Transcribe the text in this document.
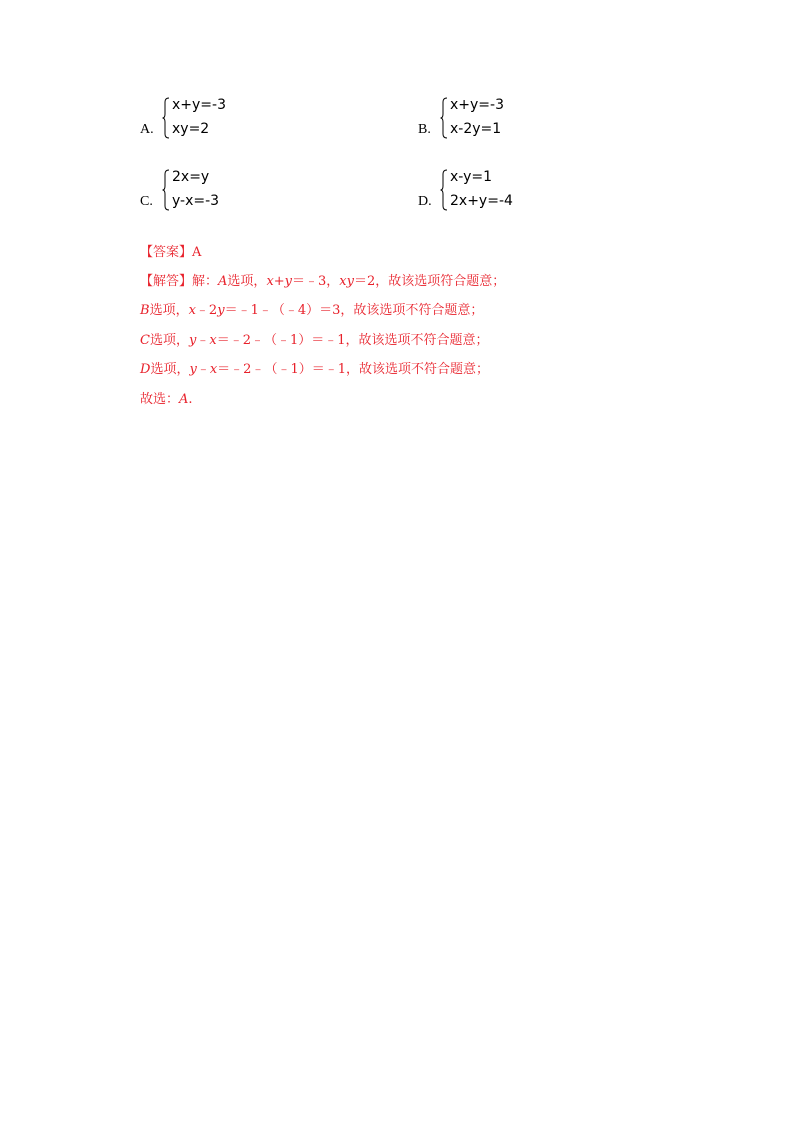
A.
x+y=-3
xy=2	B.
x+y=-3
x-2y=1
C.
2x=y
y-x=-3	D.
x-y=1
2x+y=-4
【答案】A
【解答】解：A选项，x+y＝﹣3，xy＝2，故该选项符合题意；
B选项，x﹣2y＝﹣1﹣（﹣4）＝3，故该选项不符合题意；
C选项，y﹣x＝﹣2﹣（﹣1）＝﹣1，故该选项不符合题意；
D选项，y﹣x＝﹣2﹣（﹣1）＝﹣1，故该选项不符合题意；
故选：A.
